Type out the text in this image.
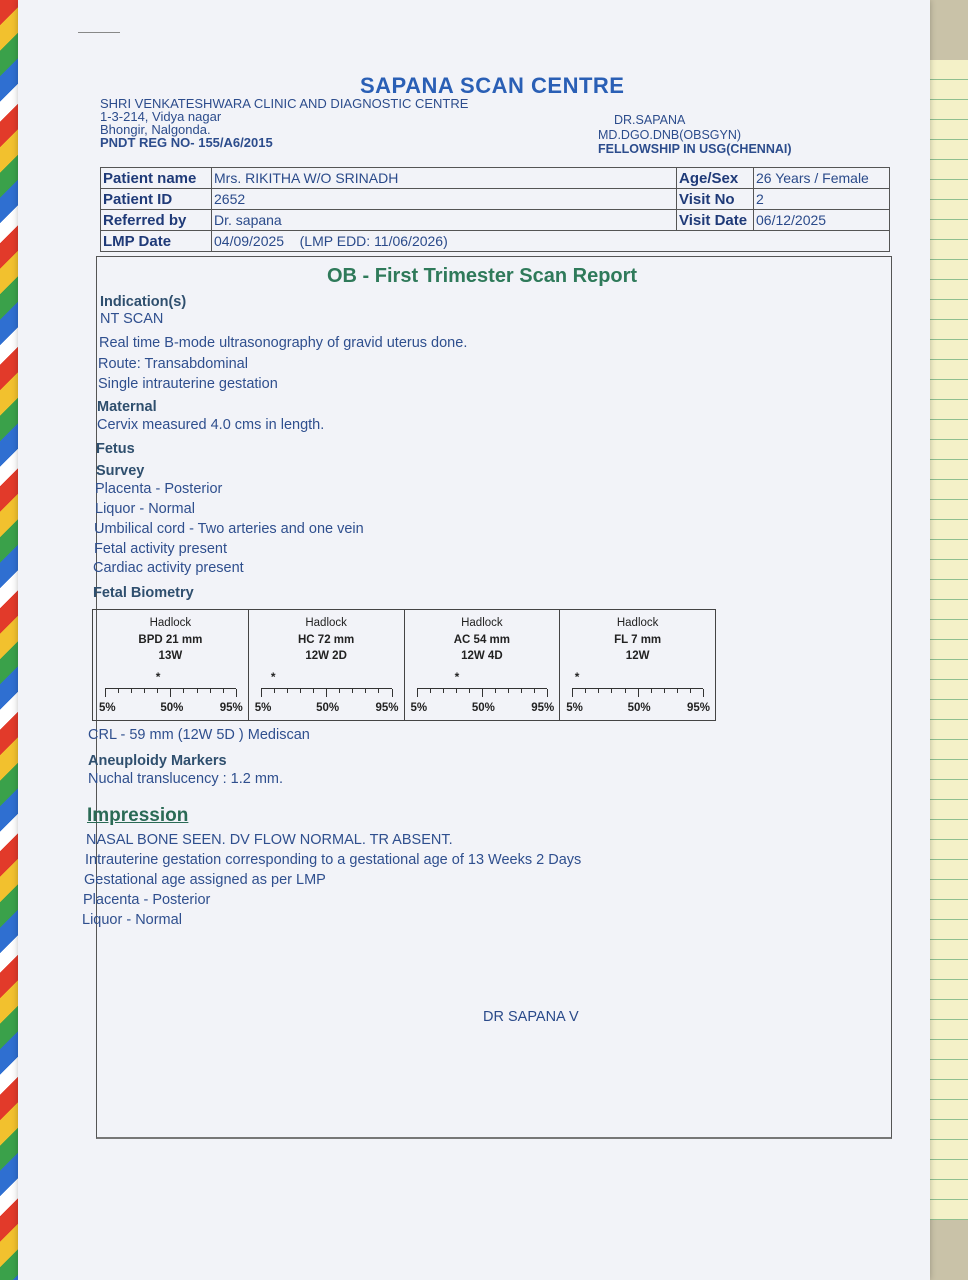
SAPANA SCAN CENTRE
SHRI VENKATESHWARA CLINIC AND DIAGNOSTIC CENTRE
1-3-214, Vidya nagar
Bhongir, Nalgonda.
PNDT REG NO- 155/A6/2015
DR.SAPANA
MD.DGO.DNB(OBSGYN)
FELLOWSHIP IN USG(CHENNAI)
Patient name	Mrs. RIKITHA W/O SRINADH	Age/Sex	26 Years / Female
Patient ID	2652	Visit No	2
Referred by	Dr. sapana	Visit Date	06/12/2025
LMP Date	04/09/2025 (LMP EDD: 11/06/2026)		
OB - First Trimester Scan Report
Indication(s)
NT SCAN
Real time B-mode ultrasonography of gravid uterus done.
Route: Transabdominal
Single intrauterine gestation
Maternal
Cervix measured 4.0 cms in length.
Fetus
Survey
Placenta - Posterior
Liquor - Normal
Umbilical cord - Two arteries and one vein
Fetal activity present
Cardiac activity present
Fetal Biometry
Hadlock
BPD 21 mm
13W
*
5%	50%	95%
Hadlock
HC 72 mm
12W 2D
*
5%	50%	95%
Hadlock
AC 54 mm
12W 4D
*
5%	50%	95%
Hadlock
FL 7 mm
12W
*
5%	50%	95%
CRL - 59 mm (12W 5D ) Mediscan
Aneuploidy Markers
Nuchal translucency : 1.2 mm.
Impression
NASAL BONE SEEN. DV FLOW NORMAL. TR ABSENT.
Intrauterine gestation corresponding to a gestational age of 13 Weeks 2 Days
Gestational age assigned as per LMP
Placenta - Posterior
Liquor - Normal
DR SAPANA V
